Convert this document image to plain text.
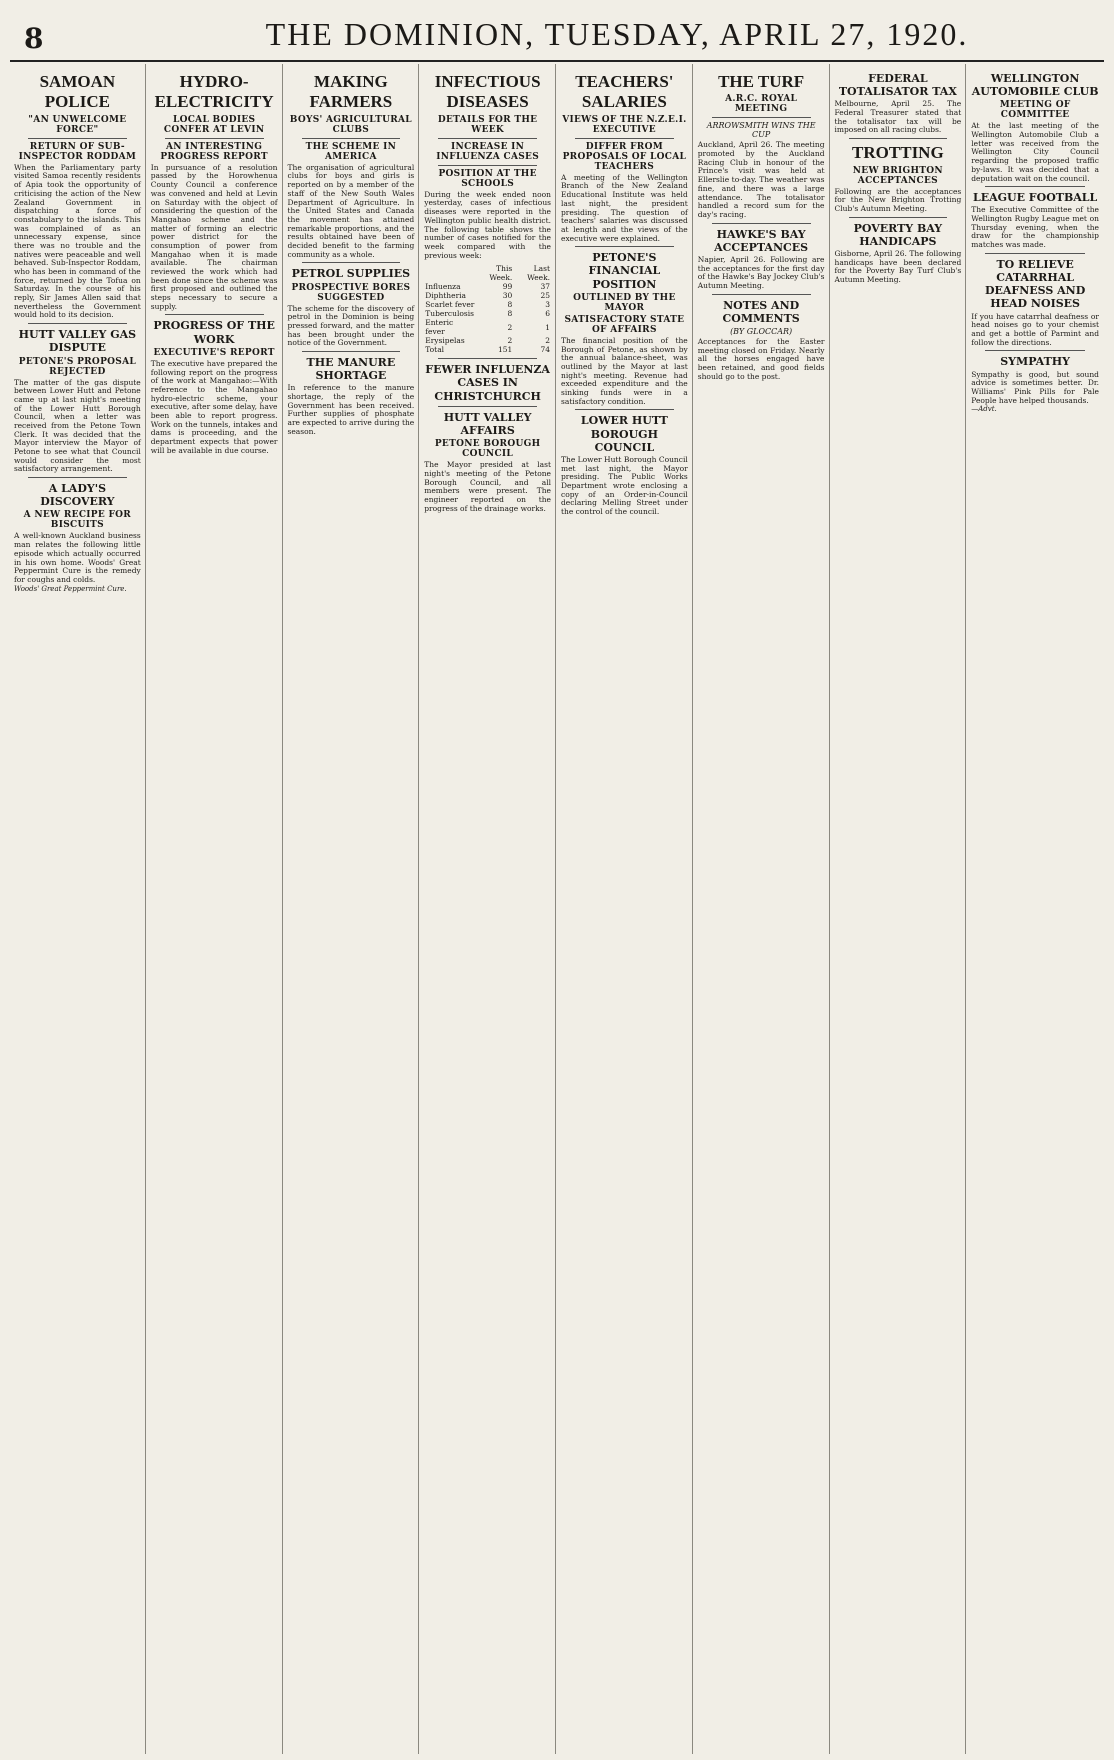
8	THE DOMINION, TUESDAY, APRIL 27, 1920.
SAMOAN POLICE
"AN UNWELCOME FORCE"
RETURN OF SUB-INSPECTOR RODDAM
When the Parliamentary party visited Samoa recently residents of Apia took the opportunity of criticising the action of the New Zealand Government in dispatching a force of constabulary to the islands. This was complained of as an unnecessary expense, since there was no trouble and the natives were peaceable and well behaved. Sub-Inspector Roddam, who has been in command of the force, returned by the Tofua on Saturday. In the course of his reply, Sir James Allen said that nevertheless the Government would hold to its decision.
HUTT VALLEY GAS DISPUTE
PETONE'S PROPOSAL REJECTED
The matter of the gas dispute between Lower Hutt and Petone came up at last night's meeting of the Lower Hutt Borough Council, when a letter was received from the Petone Town Clerk. It was decided that the Mayor interview the Mayor of Petone to see what that Council would consider the most satisfactory arrangement.
A LADY'S DISCOVERY
A NEW RECIPE FOR BISCUITS
A well-known Auckland business man relates the following little episode which actually occurred in his own home. Woods' Great Peppermint Cure is the remedy for coughs and colds.
Woods' Great Peppermint Cure.
HYDRO-ELECTRICITY
LOCAL BODIES CONFER AT LEVIN
AN INTERESTING PROGRESS REPORT
In pursuance of a resolution passed by the Horowhenua County Council a conference was convened and held at Levin on Saturday with the object of considering the question of the Mangahao scheme and the matter of forming an electric power district for the consumption of power from Mangahao when it is made available. The chairman reviewed the work which had been done since the scheme was first proposed and outlined the steps necessary to secure a supply.
PROGRESS OF THE WORK
EXECUTIVE'S REPORT
The executive have prepared the following report on the progress of the work at Mangahao:—With reference to the Mangahao hydro-electric scheme, your executive, after some delay, have been able to report progress. Work on the tunnels, intakes and dams is proceeding, and the department expects that power will be available in due course.
MAKING FARMERS
BOYS' AGRICULTURAL CLUBS
THE SCHEME IN AMERICA
The organisation of agricultural clubs for boys and girls is reported on by a member of the staff of the New South Wales Department of Agriculture. In the United States and Canada the movement has attained remarkable proportions, and the results obtained have been of decided benefit to the farming community as a whole.
PETROL SUPPLIES
PROSPECTIVE BORES SUGGESTED
The scheme for the discovery of petrol in the Dominion is being pressed forward, and the matter has been brought under the notice of the Government.
THE MANURE SHORTAGE
In reference to the manure shortage, the reply of the Government has been received. Further supplies of phosphate are expected to arrive during the season.
INFECTIOUS DISEASES
DETAILS FOR THE WEEK
INCREASE IN INFLUENZA CASES
POSITION AT THE SCHOOLS
During the week ended noon yesterday, cases of infectious diseases were reported in the Wellington public health district. The following table shows the number of cases notified for the week compared with the previous week:
	This Week.	Last Week.
Influenza	99	37
Diphtheria	30	25
Scarlet fever	8	3
Tuberculosis	8	6
Enteric fever	2	1
Erysipelas	2	2
Total	151	74
FEWER INFLUENZA CASES IN CHRISTCHURCH
HUTT VALLEY AFFAIRS
PETONE BOROUGH COUNCIL
The Mayor presided at last night's meeting of the Petone Borough Council, and all members were present. The engineer reported on the progress of the drainage works.
TEACHERS' SALARIES
VIEWS OF THE N.Z.E.I. EXECUTIVE
DIFFER FROM PROPOSALS OF LOCAL TEACHERS
A meeting of the Wellington Branch of the New Zealand Educational Institute was held last night, the president presiding. The question of teachers' salaries was discussed at length and the views of the executive were explained.
PETONE'S FINANCIAL POSITION
OUTLINED BY THE MAYOR
SATISFACTORY STATE OF AFFAIRS
The financial position of the Borough of Petone, as shown by the annual balance-sheet, was outlined by the Mayor at last night's meeting. Revenue had exceeded expenditure and the sinking funds were in a satisfactory condition.
LOWER HUTT BOROUGH COUNCIL
The Lower Hutt Borough Council met last night, the Mayor presiding. The Public Works Department wrote enclosing a copy of an Order-in-Council declaring Melling Street under the control of the council.
THE TURF
A.R.C. ROYAL MEETING
ARROWSMITH WINS THE CUP
Auckland, April 26. The meeting promoted by the Auckland Racing Club in honour of the Prince's visit was held at Ellerslie to-day. The weather was fine, and there was a large attendance. The totalisator handled a record sum for the day's racing.
HAWKE'S BAY ACCEPTANCES
Napier, April 26. Following are the acceptances for the first day of the Hawke's Bay Jockey Club's Autumn Meeting.
NOTES AND COMMENTS
(BY GLOCCAR)
Acceptances for the Easter meeting closed on Friday. Nearly all the horses engaged have been retained, and good fields should go to the post.
FEDERAL TOTALISATOR TAX
Melbourne, April 25. The Federal Treasurer stated that the totalisator tax will be imposed on all racing clubs.
TROTTING
NEW BRIGHTON ACCEPTANCES
Following are the acceptances for the New Brighton Trotting Club's Autumn Meeting.
POVERTY BAY HANDICAPS
Gisborne, April 26. The following handicaps have been declared for the Poverty Bay Turf Club's Autumn Meeting.
WELLINGTON AUTOMOBILE CLUB
MEETING OF COMMITTEE
At the last meeting of the Wellington Automobile Club a letter was received from the Wellington City Council regarding the proposed traffic by-laws. It was decided that a deputation wait on the council.
LEAGUE FOOTBALL
The Executive Committee of the Wellington Rugby League met on Thursday evening, when the draw for the championship matches was made.
TO RELIEVE CATARRHAL DEAFNESS AND HEAD NOISES
If you have catarrhal deafness or head noises go to your chemist and get a bottle of Parmint and follow the directions.
SYMPATHY
Sympathy is good, but sound advice is sometimes better. Dr. Williams' Pink Pills for Pale People have helped thousands.
—Advt.
